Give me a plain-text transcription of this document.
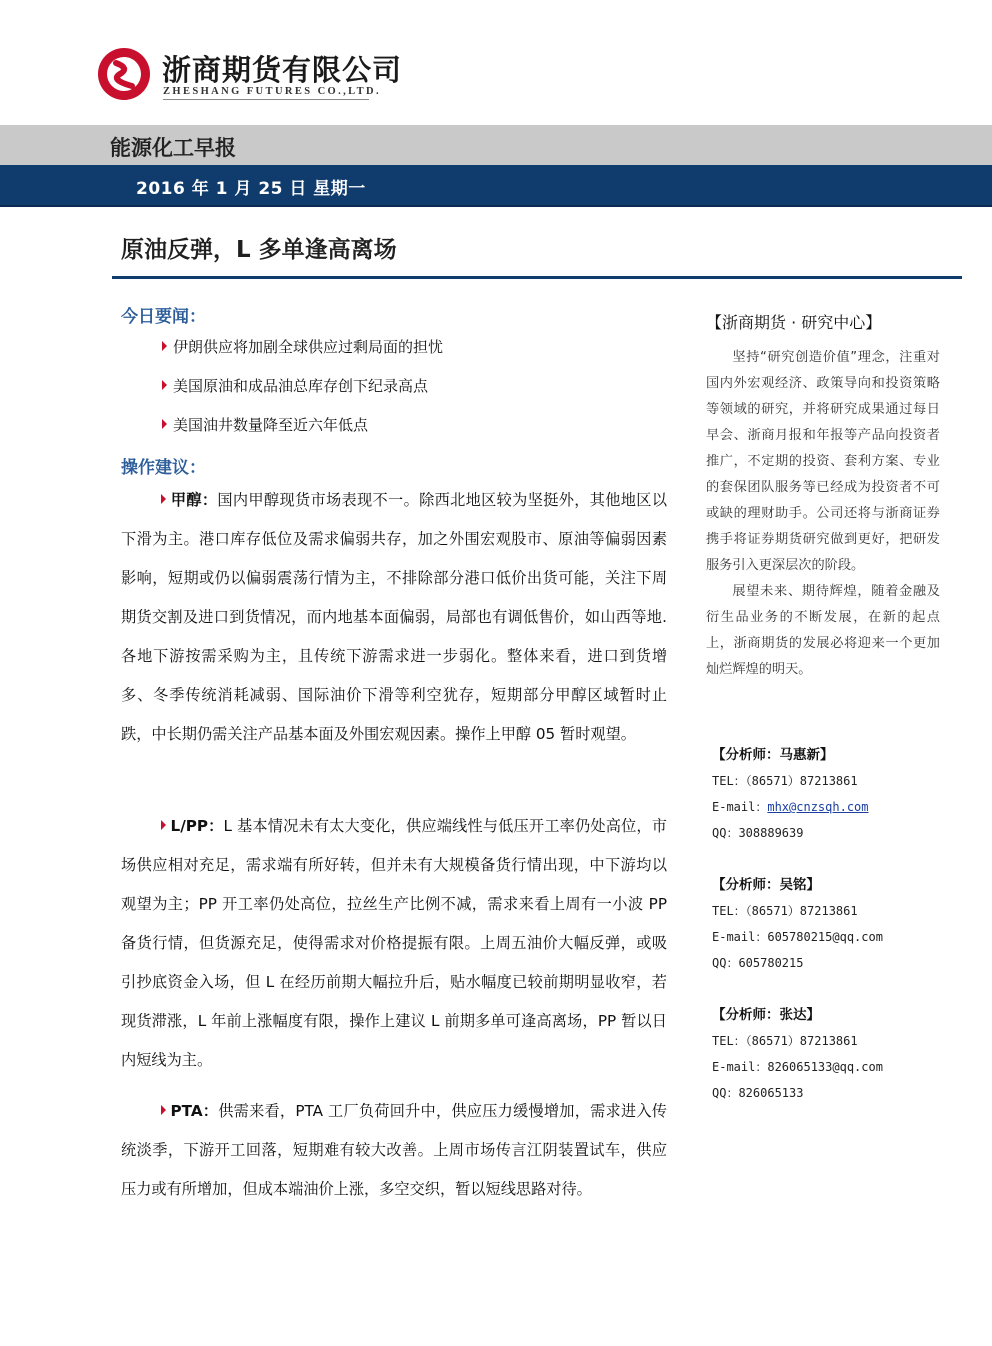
浙商期货有限公司
ZHESHANG FUTURES CO.,LTD.
能源化工早报
2016 年 1 月 25 日 星期一
原油反弹，L 多单逢高离场
今日要闻：
伊朗供应将加剧全球供应过剩局面的担忧
美国原油和成品油总库存创下纪录高点
美国油井数量降至近六年低点
操作建议：
甲醇：国内甲醇现货市场表现不一。除西北地区较为坚挺外，其他地区以下滑为主。港口库存低位及需求偏弱共存，加之外围宏观股市、原油等偏弱因素影响，短期或仍以偏弱震荡行情为主，不排除部分港口低价出货可能，关注下周期货交割及进口到货情况，而内地基本面偏弱，局部也有调低售价，如山西等地.各地下游按需采购为主，且传统下游需求进一步弱化。整体来看，进口到货增多、冬季传统消耗减弱、国际油价下滑等利空犹存，短期部分甲醇区域暂时止跌，中长期仍需关注产品基本面及外围宏观因素。操作上甲醇 05 暂时观望。
L/PP：L 基本情况未有太大变化，供应端线性与低压开工率仍处高位，市场供应相对充足，需求端有所好转，但并未有大规模备货行情出现，中下游均以观望为主；PP 开工率仍处高位，拉丝生产比例不减，需求来看上周有一小波 PP 备货行情，但货源充足，使得需求对价格提振有限。上周五油价大幅反弹，或吸引抄底资金入场，但 L 在经历前期大幅拉升后，贴水幅度已较前期明显收窄，若现货滞涨，L 年前上涨幅度有限，操作上建议 L 前期多单可逢高离场，PP 暂以日内短线为主。
PTA：供需来看，PTA 工厂负荷回升中，供应压力缓慢增加，需求进入传统淡季，下游开工回落，短期难有较大改善。上周市场传言江阴装置试车，供应压力或有所增加，但成本端油价上涨，多空交织，暂以短线思路对待。
【浙商期货 · 研究中心】

坚持“研究创造价值”理念，注重对国内外宏观经济、政策导向和投资策略等领域的研究，并将研究成果通过每日早会、浙商月报和年报等产品向投资者推广，不定期的投资、套利方案、专业的套保团队服务等已经成为投资者不可或缺的理财助手。公司还将与浙商证券携手将证券期货研究做到更好，把研发服务引入更深层次的阶段。

展望未来、期待辉煌，随着金融及衍生品业务的不断发展，在新的起点上，浙商期货的发展必将迎来一个更加灿烂辉煌的明天。

【分析师：马惠新】
TEL：（86571）87213861
E-mail：mhx@cnzsqh.com
QQ：308889639
【分析师：吴铭】
TEL：（86571）87213861
E-mail：605780215@qq.com
QQ：605780215
【分析师：张达】
TEL：（86571）87213861
E-mail：826065133@qq.com
QQ：826065133
